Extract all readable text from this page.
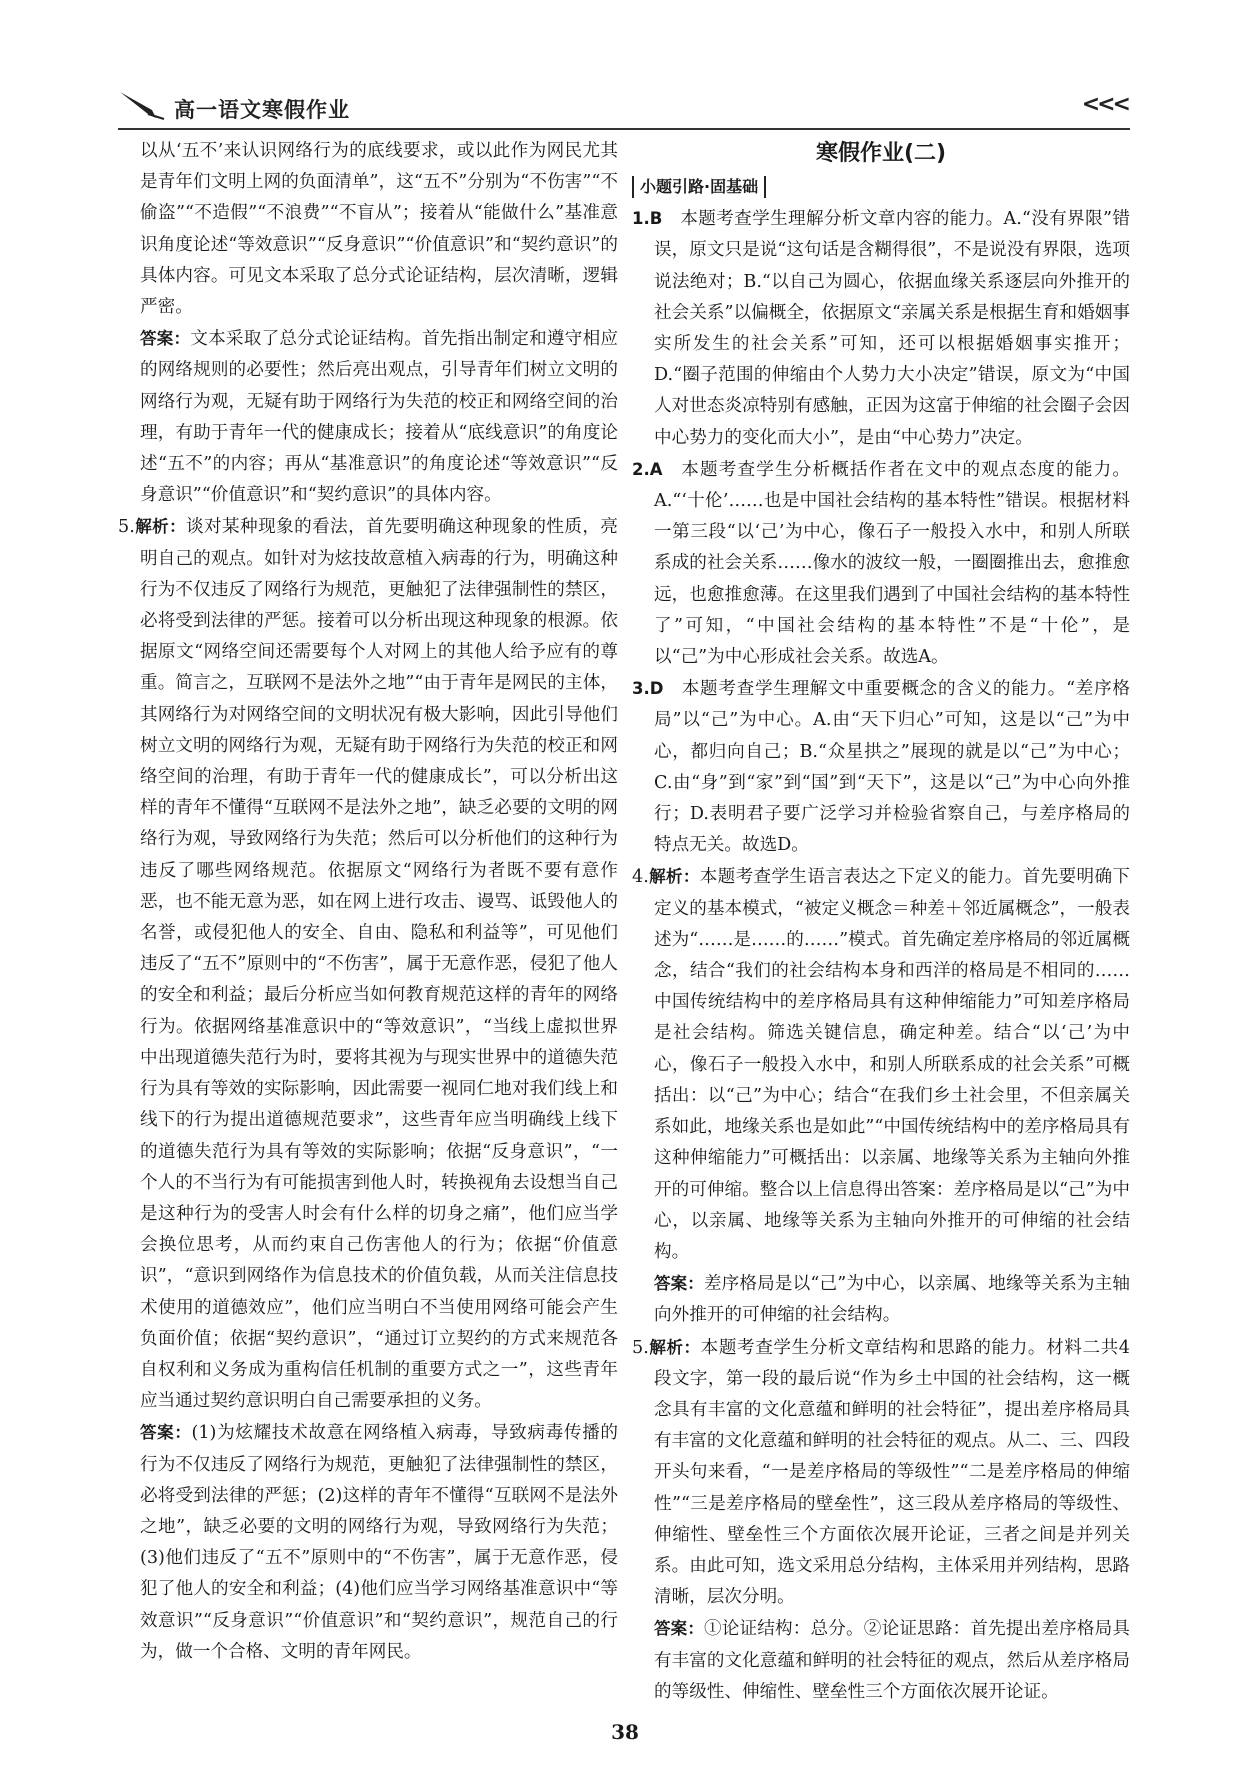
高一语文寒假作业	<<<

以从‘五不’来认识网络行为的底线要求，或以此作为网民尤其是青年们文明上网的负面清单”，这“五不”分别为“不伤害”“不偷盗”“不造假”“不浪费”“不盲从”；接着从“能做什么”基准意识角度论述“等效意识”“反身意识”“价值意识”和“契约意识”的具体内容。可见文本采取了总分式论证结构，层次清晰，逻辑严密。

答案：文本采取了总分式论证结构。首先指出制定和遵守相应的网络规则的必要性；然后亮出观点，引导青年们树立文明的网络行为观，无疑有助于网络行为失范的校正和网络空间的治理，有助于青年一代的健康成长；接着从“底线意识”的角度论述“五不”的内容；再从“基准意识”的角度论述“等效意识”“反身意识”“价值意识”和“契约意识”的具体内容。

5.解析：谈对某种现象的看法，首先要明确这种现象的性质，亮明自己的观点。如针对为炫技故意植入病毒的行为，明确这种行为不仅违反了网络行为规范，更触犯了法律强制性的禁区，必将受到法律的严惩。接着可以分析出现这种现象的根源。依据原文“网络空间还需要每个人对网上的其他人给予应有的尊重。简言之，互联网不是法外之地”“由于青年是网民的主体，其网络行为对网络空间的文明状况有极大影响，因此引导他们树立文明的网络行为观，无疑有助于网络行为失范的校正和网络空间的治理，有助于青年一代的健康成长”，可以分析出这样的青年不懂得“互联网不是法外之地”，缺乏必要的文明的网络行为观，导致网络行为失范；然后可以分析他们的这种行为违反了哪些网络规范。依据原文“网络行为者既不要有意作恶，也不能无意为恶，如在网上进行攻击、谩骂、诋毁他人的名誉，或侵犯他人的安全、自由、隐私和利益等”，可见他们违反了“五不”原则中的“不伤害”，属于无意作恶，侵犯了他人的安全和利益；最后分析应当如何教育规范这样的青年的网络行为。依据网络基准意识中的“等效意识”，“当线上虚拟世界中出现道德失范行为时，要将其视为与现实世界中的道德失范行为具有等效的实际影响，因此需要一视同仁地对我们线上和线下的行为提出道德规范要求”，这些青年应当明确线上线下的道德失范行为具有等效的实际影响；依据“反身意识”，“一个人的不当行为有可能损害到他人时，转换视角去设想当自己是这种行为的受害人时会有什么样的切身之痛”，他们应当学会换位思考，从而约束自己伤害他人的行为；依据“价值意识”，“意识到网络作为信息技术的价值负载，从而关注信息技术使用的道德效应”，他们应当明白不当使用网络可能会产生负面价值；依据“契约意识”，“通过订立契约的方式来规范各自权利和义务成为重构信任机制的重要方式之一”，这些青年应当通过契约意识明白自己需要承担的义务。

答案：(1)为炫耀技术故意在网络植入病毒，导致病毒传播的行为不仅违反了网络行为规范，更触犯了法律强制性的禁区，必将受到法律的严惩；(2)这样的青年不懂得“互联网不是法外之地”，缺乏必要的文明的网络行为观，导致网络行为失范；(3)他们违反了“五不”原则中的“不伤害”，属于无意作恶，侵犯了他人的安全和利益；(4)他们应当学习网络基准意识中“等效意识”“反身意识”“价值意识”和“契约意识”，规范自己的行为，做一个合格、文明的青年网民。

寒假作业(二)

小题引路·固基础

1.B  本题考查学生理解分析文章内容的能力。A.“没有界限”错误，原文只是说“这句话是含糊得很”，不是说没有界限，选项说法绝对；B.“以自己为圆心，依据血缘关系逐层向外推开的社会关系”以偏概全，依据原文“亲属关系是根据生育和婚姻事实所发生的社会关系”可知，还可以根据婚姻事实推开；D.“圈子范围的伸缩由个人势力大小决定”错误，原文为“中国人对世态炎凉特别有感触，正因为这富于伸缩的社会圈子会因中心势力的变化而大小”，是由“中心势力”决定。

2.A  本题考查学生分析概括作者在文中的观点态度的能力。A.“‘十伦’……也是中国社会结构的基本特性”错误。根据材料一第三段“以‘己’为中心，像石子一般投入水中，和别人所联系成的社会关系……像水的波纹一般，一圈圈推出去，愈推愈远，也愈推愈薄。在这里我们遇到了中国社会结构的基本特性了”可知，“中国社会结构的基本特性”不是“十伦”，是以“己”为中心形成社会关系。故选A。

3.D  本题考查学生理解文中重要概念的含义的能力。“差序格局”以“己”为中心。A.由“天下归心”可知，这是以“己”为中心，都归向自己；B.“众星拱之”展现的就是以“己”为中心；C.由“身”到“家”到“国”到“天下”，这是以“己”为中心向外推行；D.表明君子要广泛学习并检验省察自己，与差序格局的特点无关。故选D。

4.解析：本题考查学生语言表达之下定义的能力。首先要明确下定义的基本模式，“被定义概念＝种差＋邻近属概念”，一般表述为“……是……的……”模式。首先确定差序格局的邻近属概念，结合“我们的社会结构本身和西洋的格局是不相同的……中国传统结构中的差序格局具有这种伸缩能力”可知差序格局是社会结构。筛选关键信息，确定种差。结合“以‘己’为中心，像石子一般投入水中，和别人所联系成的社会关系”可概括出：以“己”为中心；结合“在我们乡土社会里，不但亲属关系如此，地缘关系也是如此”“中国传统结构中的差序格局具有这种伸缩能力”可概括出：以亲属、地缘等关系为主轴向外推开的可伸缩。整合以上信息得出答案：差序格局是以“己”为中心，以亲属、地缘等关系为主轴向外推开的可伸缩的社会结构。

答案：差序格局是以“己”为中心，以亲属、地缘等关系为主轴向外推开的可伸缩的社会结构。

5.解析：本题考查学生分析文章结构和思路的能力。材料二共4段文字，第一段的最后说“作为乡土中国的社会结构，这一概念具有丰富的文化意蕴和鲜明的社会特征”，提出差序格局具有丰富的文化意蕴和鲜明的社会特征的观点。从二、三、四段开头句来看，“一是差序格局的等级性”“二是差序格局的伸缩性”“三是差序格局的壁垒性”，这三段从差序格局的等级性、伸缩性、壁垒性三个方面依次展开论证，三者之间是并列关系。由此可知，选文采用总分结构，主体采用并列结构，思路清晰，层次分明。

答案：①论证结构：总分。②论证思路：首先提出差序格局具有丰富的文化意蕴和鲜明的社会特征的观点，然后从差序格局的等级性、伸缩性、壁垒性三个方面依次展开论证。

38
